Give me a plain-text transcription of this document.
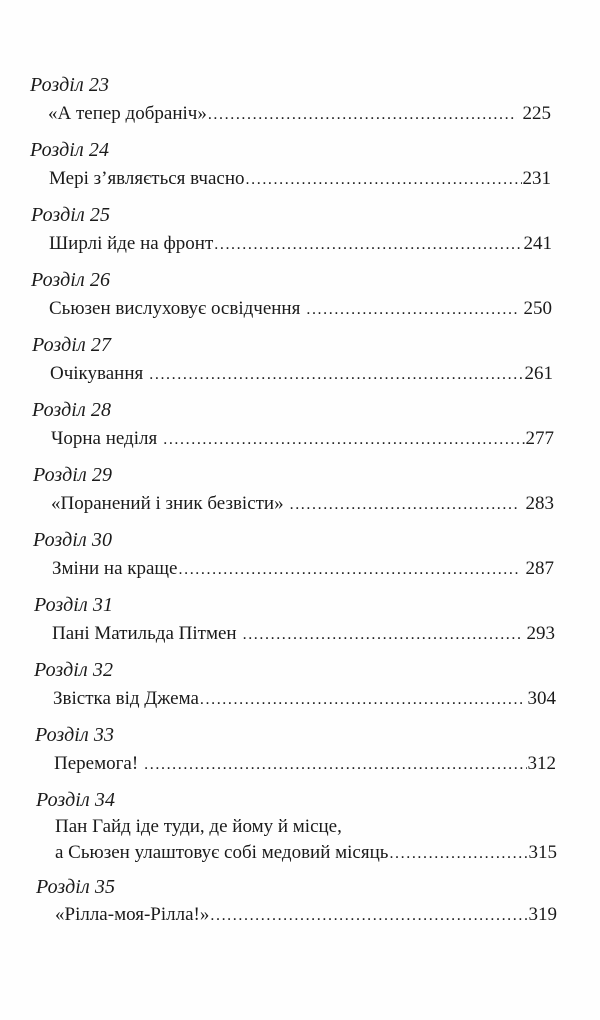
Розділ 23
«А тепер добраніч» .....	225
Розділ 24
Мері з’являється вчасно .....	231
Розділ 25
Ширлі йде на фронт .....	241
Розділ 26
Сьюзен вислуховує освідчення .....	250
Розділ 27
Очікування .....	261
Розділ 28
Чорна неділя .....	277
Розділ 29
«Поранений і зник безвісти» .....	283
Розділ 30
Зміни на краще .....	287
Розділ 31
Пані Матильда Пітмен .....	293
Розділ 32
Звістка від Джема .....	304
Розділ 33
Перемога! .....	312
Розділ 34
Пан Гайд іде туди, де йому й місце,
а Сьюзен улаштовує собі медовий місяць .....	315
Розділ 35
«Рілла-моя-Рілла!» .....	319
